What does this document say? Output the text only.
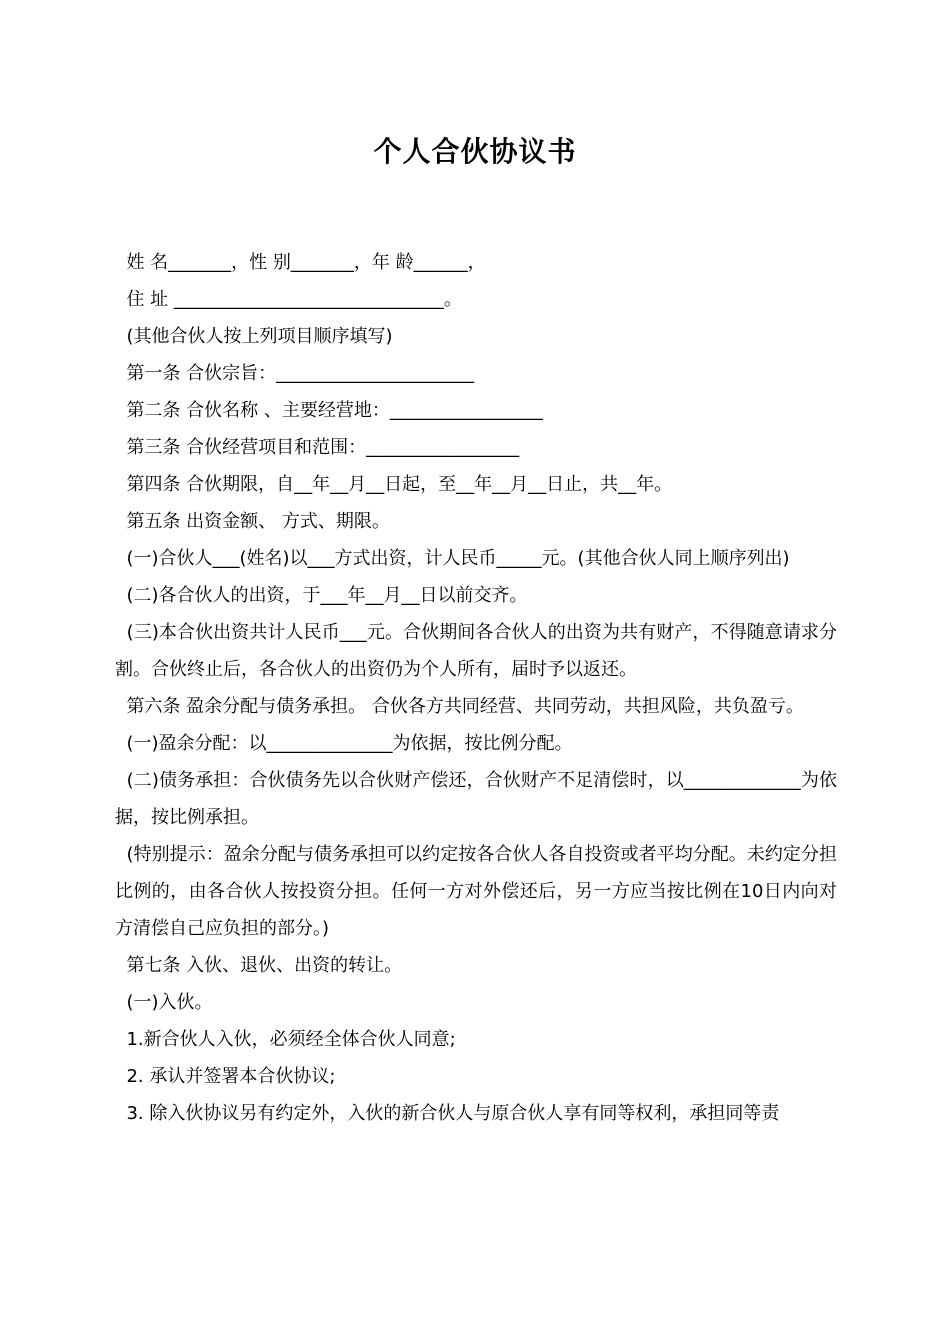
个人合伙协议书

姓 名_______，性 别_______，年 龄______，

住 址 ______________________________。

(其他合伙人按上列项目顺序填写)

第一条 合伙宗旨：______________________

第二条 合伙名称 、主要经营地：_________________

第三条 合伙经营项目和范围：_________________

第四条 合伙期限，自__年__月__日起，至__年__月__日止，共__年。

第五条 出资金额、 方式、期限。

(一)合伙人___(姓名)以___方式出资，计人民币_____元。(其他合伙人同上顺序列出)

(二)各合伙人的出资，于___年__月__日以前交齐。

(三)本合伙出资共计人民币___元。合伙期间各合伙人的出资为共有财产，不得随意请求分割。合伙终止后，各合伙人的出资仍为个人所有，届时予以返还。

第六条 盈余分配与债务承担。 合伙各方共同经营、共同劳动，共担风险，共负盈亏。

(一)盈余分配：以______________为依据，按比例分配。

(二)债务承担：合伙债务先以合伙财产偿还，合伙财产不足清偿时，以_____________为依据，按比例承担。

(特别提示：盈余分配与债务承担可以约定按各合伙人各自投资或者平均分配。未约定分担比例的，由各合伙人按投资分担。任何一方对外偿还后，另一方应当按比例在10日内向对方清偿自己应负担的部分。)

第七条 入伙、退伙、出资的转让。

(一)入伙。

1.新合伙人入伙，必须经全体合伙人同意;

2. 承认并签署本合伙协议;

3. 除入伙协议另有约定外，入伙的新合伙人与原合伙人享有同等权利，承担同等责
